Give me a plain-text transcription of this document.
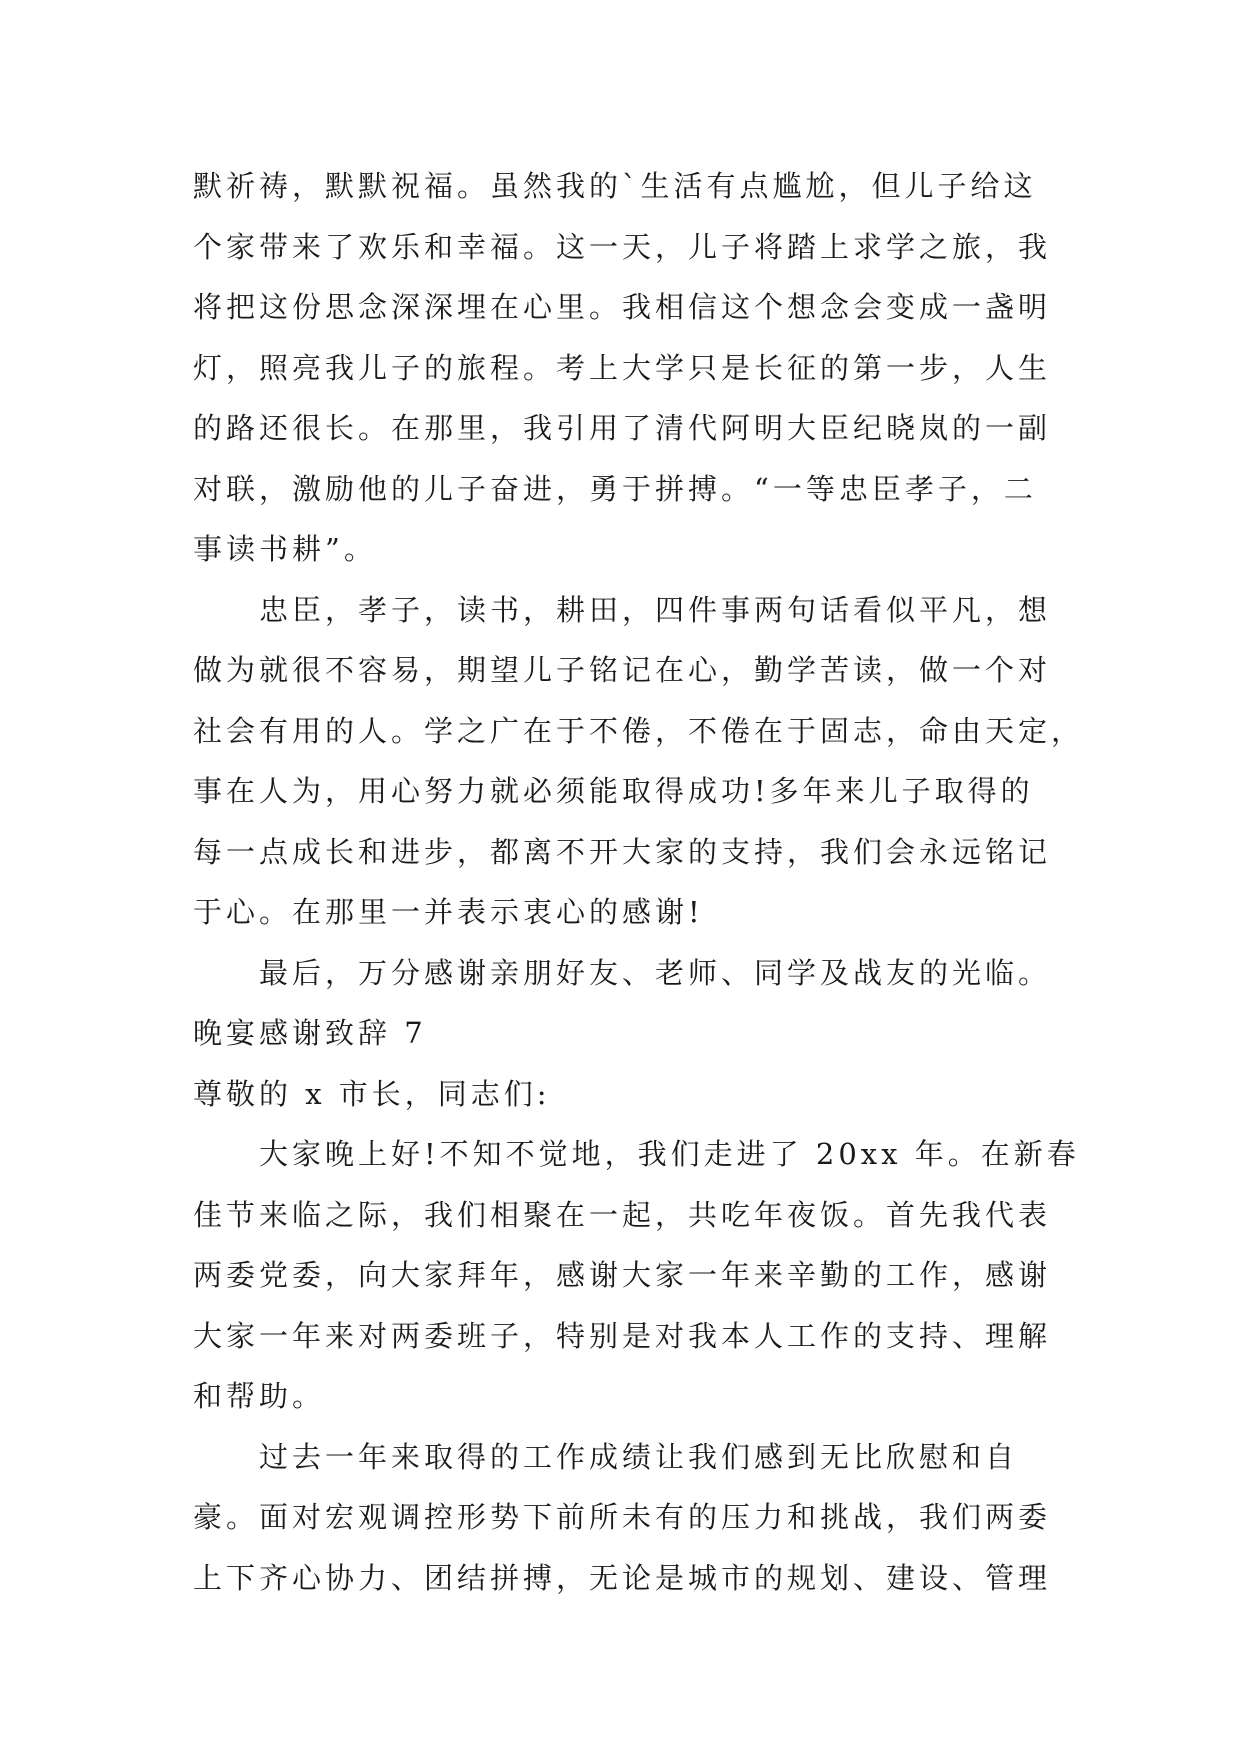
默祈祷，默默祝福。虽然我的`生活有点尴尬，但儿子给这
个家带来了欢乐和幸福。这一天，儿子将踏上求学之旅，我
将把这份思念深深埋在心里。我相信这个想念会变成一盏明
灯，照亮我儿子的旅程。考上大学只是长征的第一步，人生
的路还很长。在那里，我引用了清代阿明大臣纪晓岚的一副
对联，激励他的儿子奋进，勇于拼搏。“一等忠臣孝子，二
事读书耕”。
忠臣，孝子，读书，耕田，四件事两句话看似平凡，想
做为就很不容易，期望儿子铭记在心，勤学苦读，做一个对
社会有用的人。学之广在于不倦，不倦在于固志，命由天定，
事在人为，用心努力就必须能取得成功!多年来儿子取得的
每一点成长和进步，都离不开大家的支持，我们会永远铭记
于心。在那里一并表示衷心的感谢!
最后，万分感谢亲朋好友、老师、同学及战友的光临。
晚宴感谢致辞 7
尊敬的 x 市长，同志们:
大家晚上好!不知不觉地，我们走进了 20xx 年。在新春
佳节来临之际，我们相聚在一起，共吃年夜饭。首先我代表
两委党委，向大家拜年，感谢大家一年来辛勤的工作，感谢
大家一年来对两委班子，特别是对我本人工作的支持、理解
和帮助。
过去一年来取得的工作成绩让我们感到无比欣慰和自
豪。面对宏观调控形势下前所未有的压力和挑战，我们两委
上下齐心协力、团结拼搏，无论是城市的规划、建设、管理
